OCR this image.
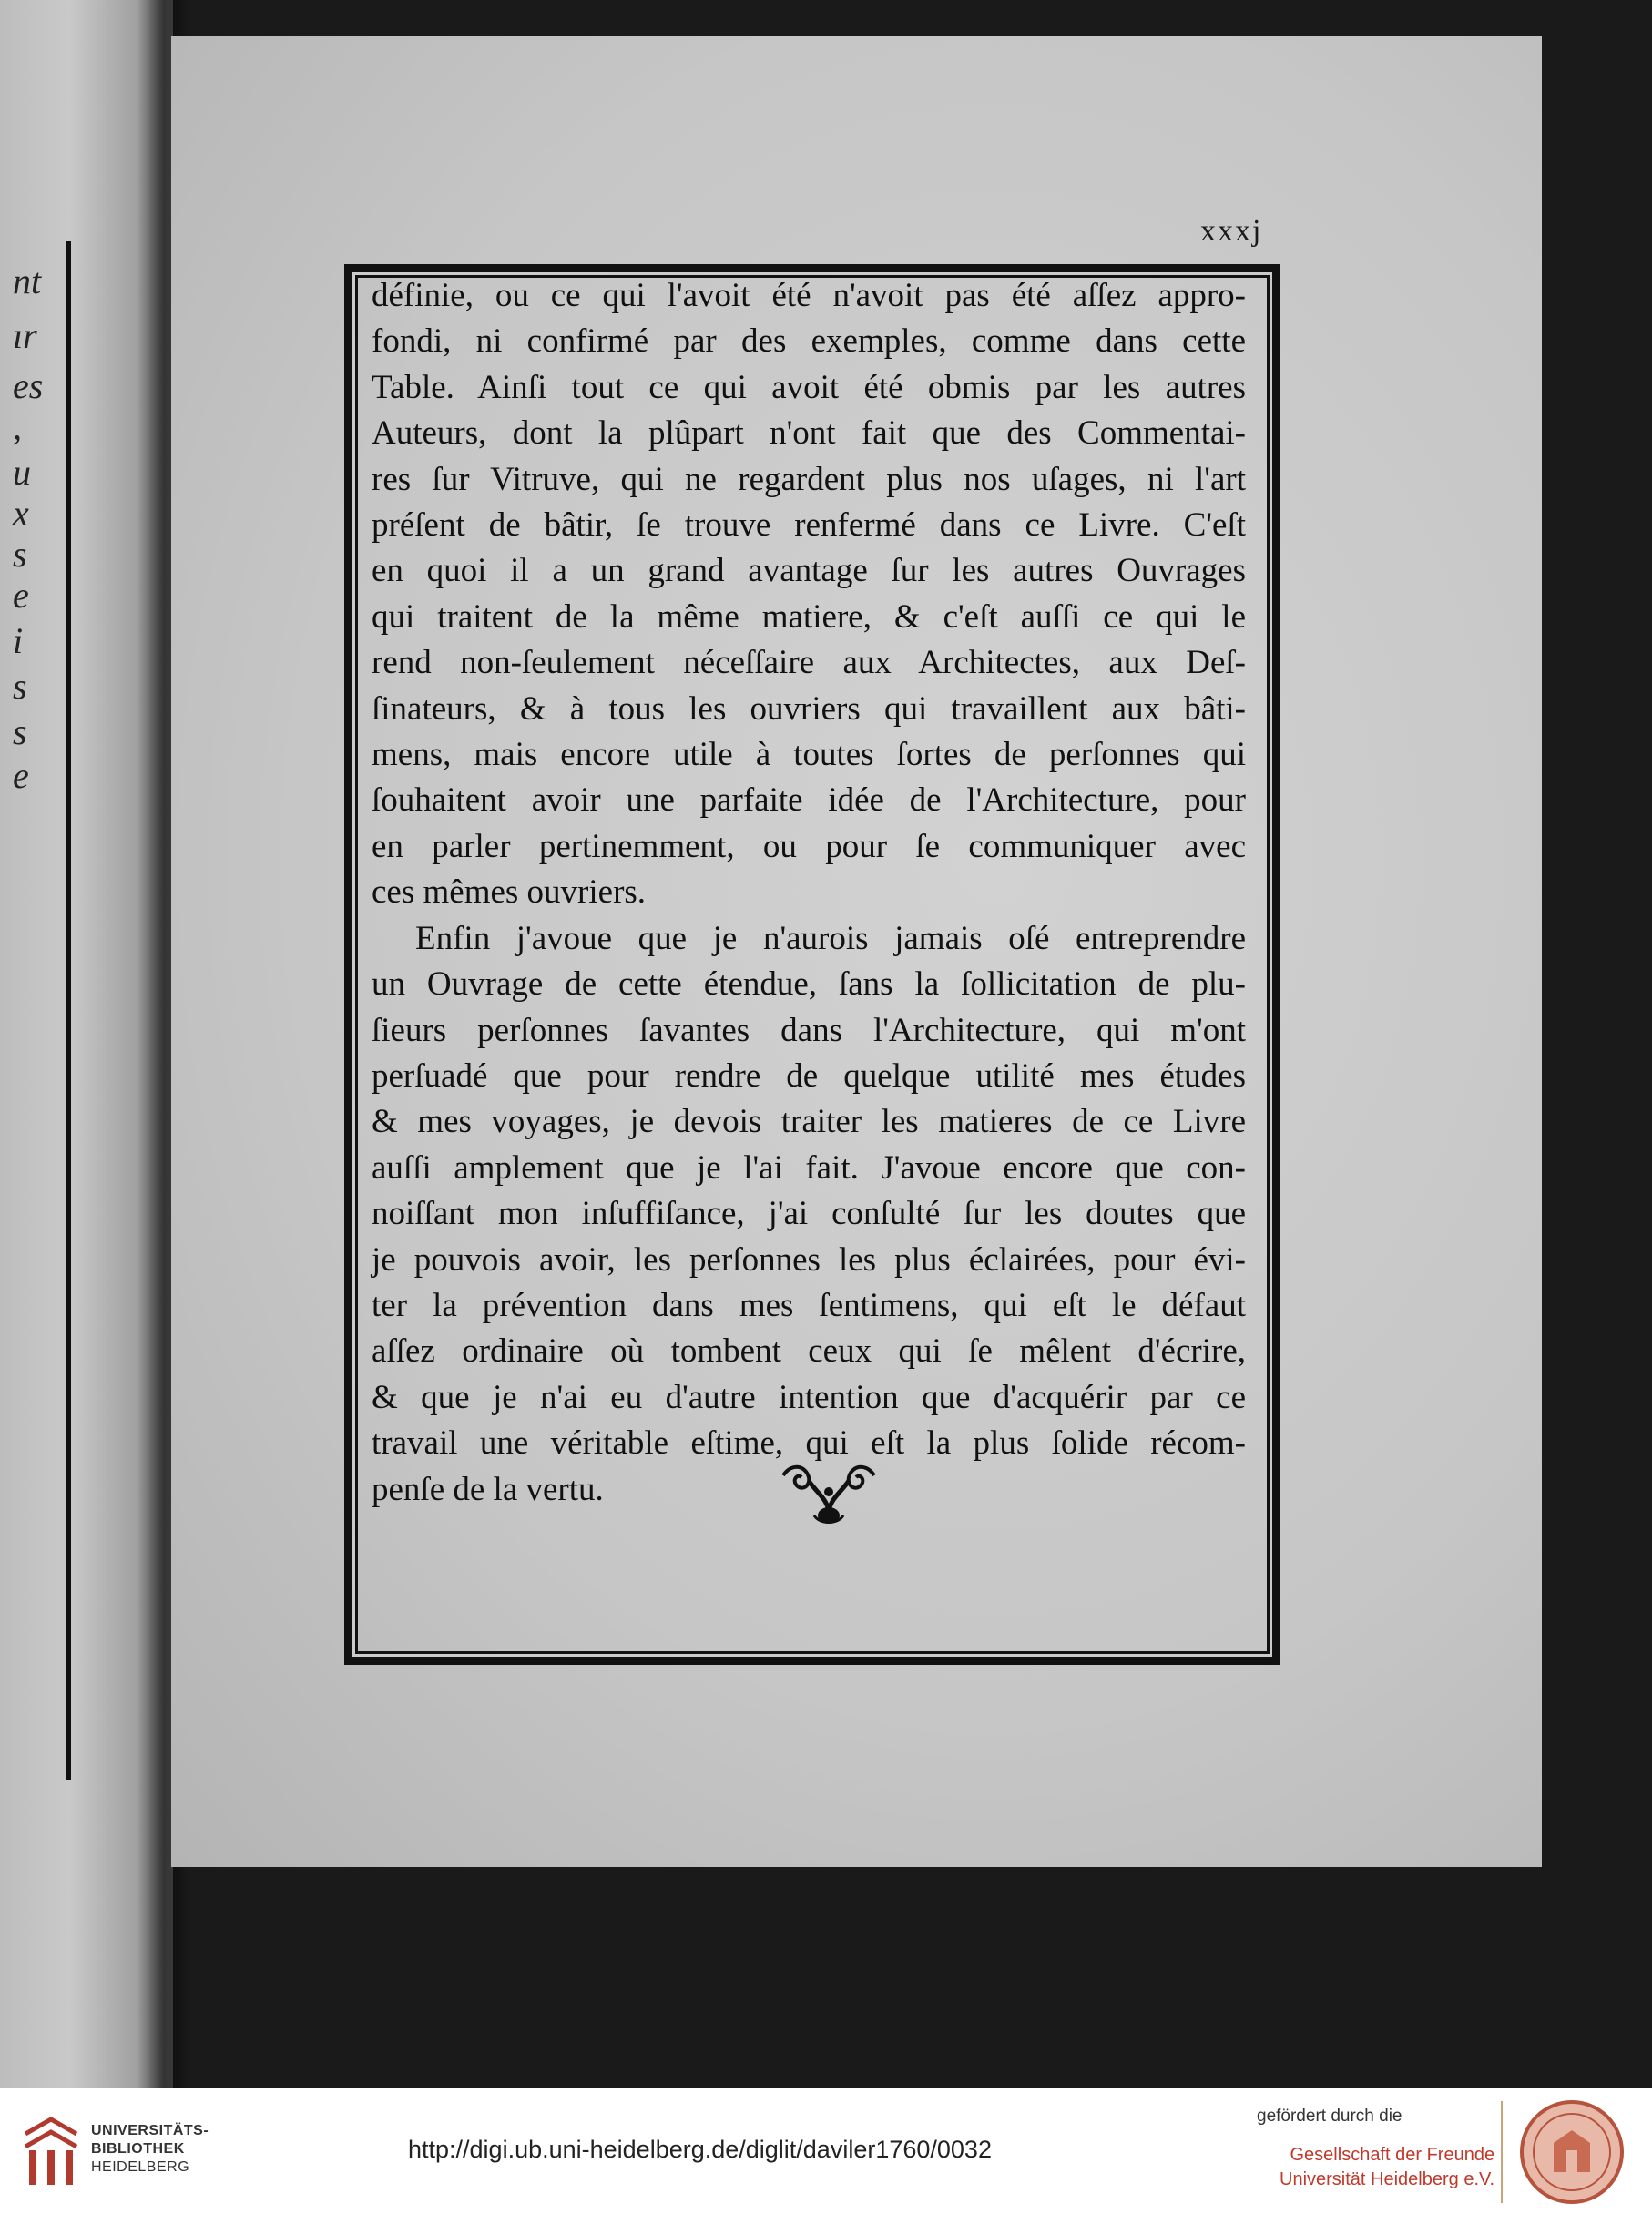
nt
ır
es
,
u
x
s
e
i
s
s
e
xxxj
définie, ou ce qui l'avoit été n'avoit pas été aſſez appro-
fondi, ni confirmé par des exemples, comme dans cette
Table. Ainſi tout ce qui avoit été obmis par les autres
Auteurs, dont la plûpart n'ont fait que des Commentai-
res ſur Vitruve, qui ne regardent plus nos uſages, ni l'art
préſent de bâtir, ſe trouve renfermé dans ce Livre. C'eſt
en quoi il a un grand avantage ſur les autres Ouvrages
qui traitent de la même matiere, & c'eſt auſſi ce qui le
rend non-ſeulement néceſſaire aux Architectes, aux Deſ-
ſinateurs, & à tous les ouvriers qui travaillent aux bâti-
mens, mais encore utile à toutes ſortes de perſonnes qui
ſouhaitent avoir une parfaite idée de l'Architecture, pour
en parler pertinemment, ou pour ſe communiquer avec
ces mêmes ouvriers.
Enfin j'avoue que je n'aurois jamais oſé entreprendre
un Ouvrage de cette étendue, ſans la ſollicitation de plu-
ſieurs perſonnes ſavantes dans l'Architecture, qui m'ont
perſuadé que pour rendre de quelque utilité mes études
& mes voyages, je devois traiter les matieres de ce Livre
auſſi amplement que je l'ai fait. J'avoue encore que con-
noiſſant mon inſuffiſance, j'ai conſulté ſur les doutes que
je pouvois avoir, les perſonnes les plus éclairées, pour évi-
ter la prévention dans mes ſentimens, qui eſt le défaut
aſſez ordinaire où tombent ceux qui ſe mêlent d'écrire,
& que je n'ai eu d'autre intention que d'acquérir par ce
travail une véritable eſtime, qui eſt la plus ſolide récom-
penſe de la vertu.
UNIVERSITÄTS-
BIBLIOTHEK
HEIDELBERG
http://digi.ub.uni-heidelberg.de/diglit/daviler1760/0032
gefördert durch die
Gesellschaft der Freunde
Universität Heidelberg e.V.
